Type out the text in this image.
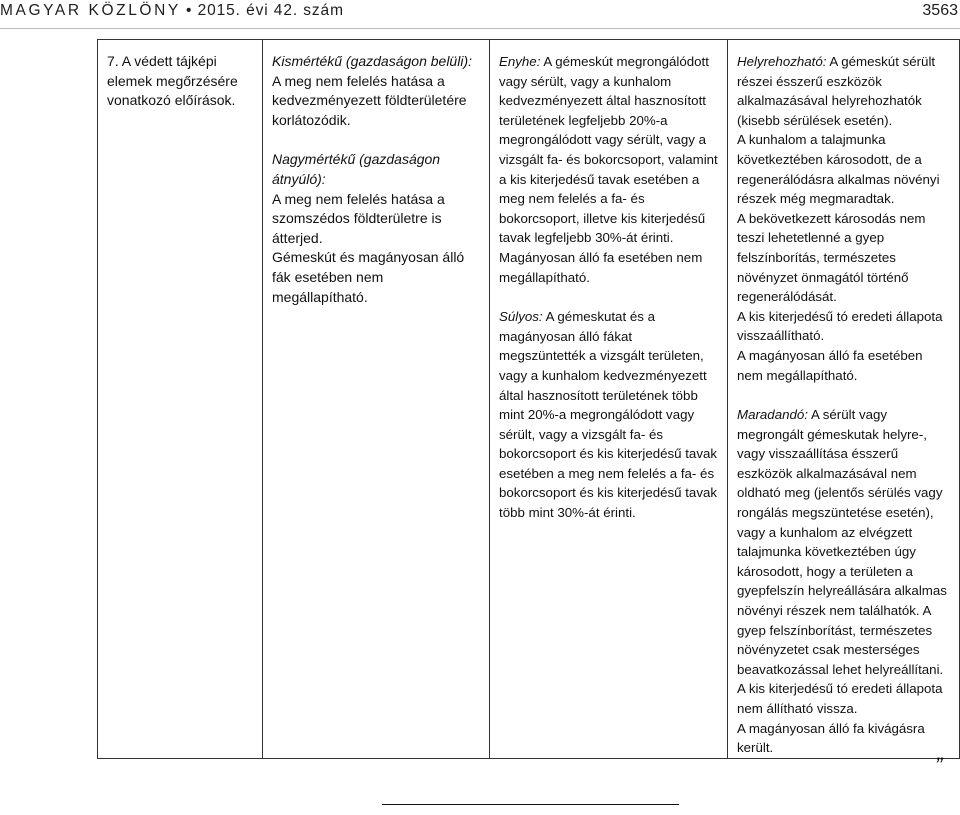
MAGYAR KÖZLÖNY • 2015. évi 42. szám	3563
7. A védett tájképi elemek megőrzésére vonatkozó előírások.

Kismértékű (gazdaságon belüli):
A meg nem felelés hatása a kedvezményezett földterületére korlátozódik.
Nagymértékű (gazdaságon átnyúló):
A meg nem felelés hatása a szomszédos földterületre is átterjed.
Gémeskút és magányosan álló fák esetében nem megállapítható.

Enyhe: A gémeskút megrongálódott vagy sérült, vagy a kunhalom kedvezményezett által hasznosított területének legfeljebb 20%-a megrongálódott vagy sérült, vagy a vizsgált fa- és bokorcsoport, valamint a kis kiterjedésű tavak esetében a meg nem felelés a fa- és bokorcsoport, illetve kis kiterjedésű tavak legfeljebb 30%-át érinti.
Magányosan álló fa esetében nem megállapítható.
Súlyos: A gémeskutat és a magányosan álló fákat megszüntették a vizsgált területen, vagy a kunhalom kedvezményezett által hasznosított területének több mint 20%-a megrongálódott vagy sérült, vagy a vizsgált fa- és bokorcsoport és kis kiterjedésű tavak esetében a meg nem felelés a fa- és bokorcsoport és kis kiterjedésű tavak több mint 30%-át érinti.

Helyrehozható: A gémeskút sérült részei ésszerű eszközök alkalmazásával helyrehozhatók (kisebb sérülések esetén).
A kunhalom a talajmunka következtében károsodott, de a regenerálódásra alkalmas növényi részek még megmaradtak.
A bekövetkezett károsodás nem teszi lehetetlenné a gyep felszínborítás, természetes növényzet önmagától történő regenerálódását.
A kis kiterjedésű tó eredeti állapota visszaállítható.
A magányosan álló fa esetében nem megállapítható.
Maradandó: A sérült vagy megrongált gémeskutak helyre-, vagy visszaállítása ésszerű eszközök alkalmazásával nem oldható meg (jelentős sérülés vagy rongálás megszüntetése esetén), vagy a kunhalom az elvégzett talajmunka következtében úgy károsodott, hogy a területen a gyepfelszín helyreállására alkalmas növényi részek nem találhatók. A gyep felszínborítást, természetes növényzetet csak mesterséges beavatkozással lehet helyreállítani.
A kis kiterjedésű tó eredeti állapota nem állítható vissza.
A magányosan álló fa kivágásra került.
”
